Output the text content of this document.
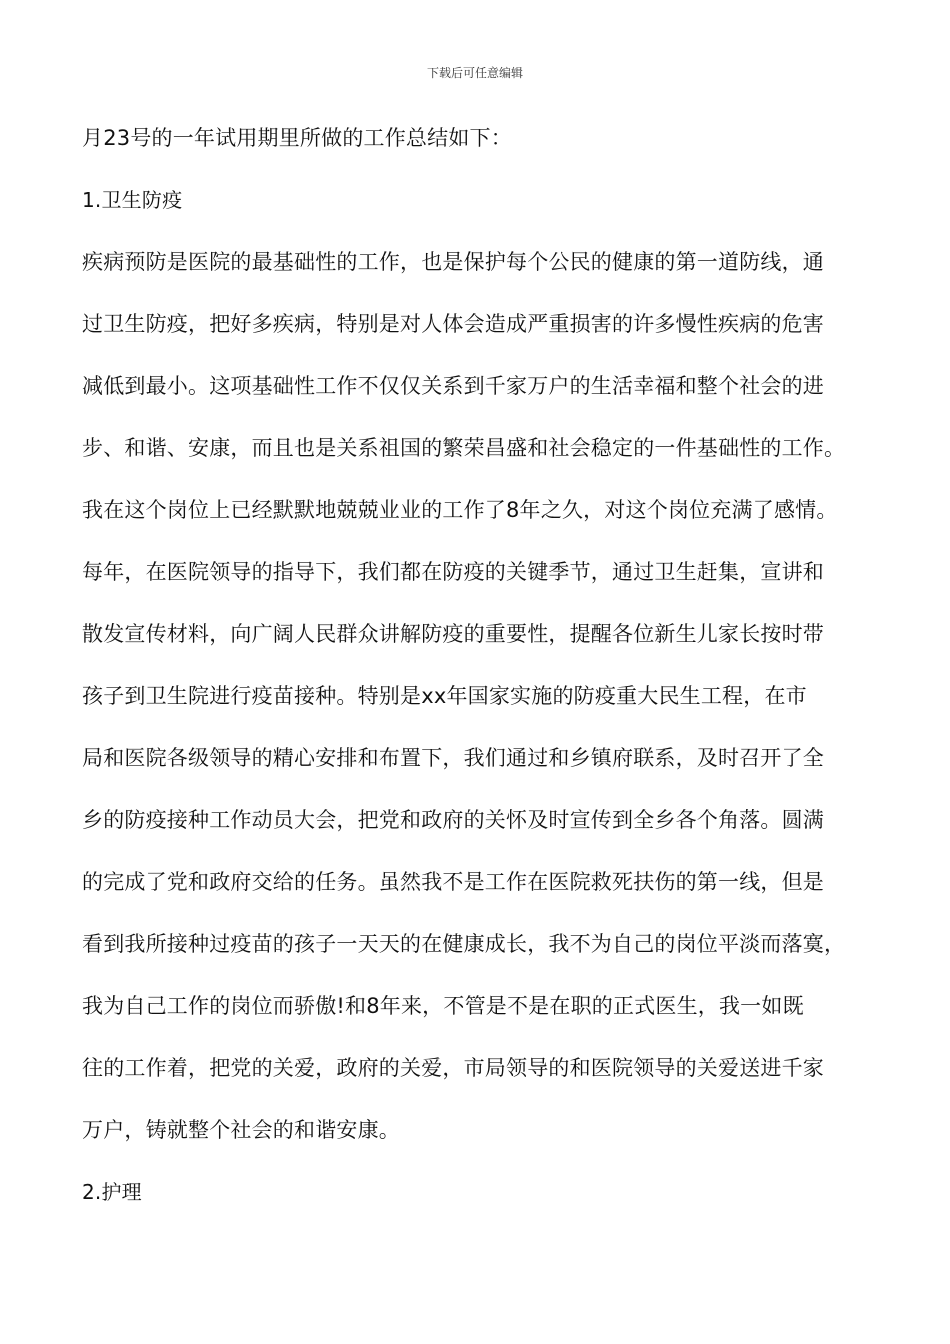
下载后可任意编辑
月23号的一年试用期里所做的工作总结如下：
1.卫生防疫
疾病预防是医院的最基础性的工作，也是保护每个公民的健康的第一道防线，通
过卫生防疫，把好多疾病，特别是对人体会造成严重损害的许多慢性疾病的危害
减低到最小。这项基础性工作不仅仅关系到千家万户的生活幸福和整个社会的进
步、和谐、安康，而且也是关系祖国的繁荣昌盛和社会稳定的一件基础性的工作。
我在这个岗位上已经默默地兢兢业业的工作了8年之久，对这个岗位充满了感情。
每年，在医院领导的指导下，我们都在防疫的关键季节，通过卫生赶集，宣讲和
散发宣传材料，向广阔人民群众讲解防疫的重要性，提醒各位新生儿家长按时带
孩子到卫生院进行疫苗接种。特别是xx年国家实施的防疫重大民生工程，在市
局和医院各级领导的精心安排和布置下，我们通过和乡镇府联系，及时召开了全
乡的防疫接种工作动员大会，把党和政府的关怀及时宣传到全乡各个角落。圆满
的完成了党和政府交给的任务。虽然我不是工作在医院救死扶伤的第一线，但是
看到我所接种过疫苗的孩子一天天的在健康成长，我不为自己的岗位平淡而落寞，
我为自己工作的岗位而骄傲!和8年来，不管是不是在职的正式医生，我一如既
往的工作着，把党的关爱，政府的关爱，市局领导的和医院领导的关爱送进千家
万户，铸就整个社会的和谐安康。
2.护理
